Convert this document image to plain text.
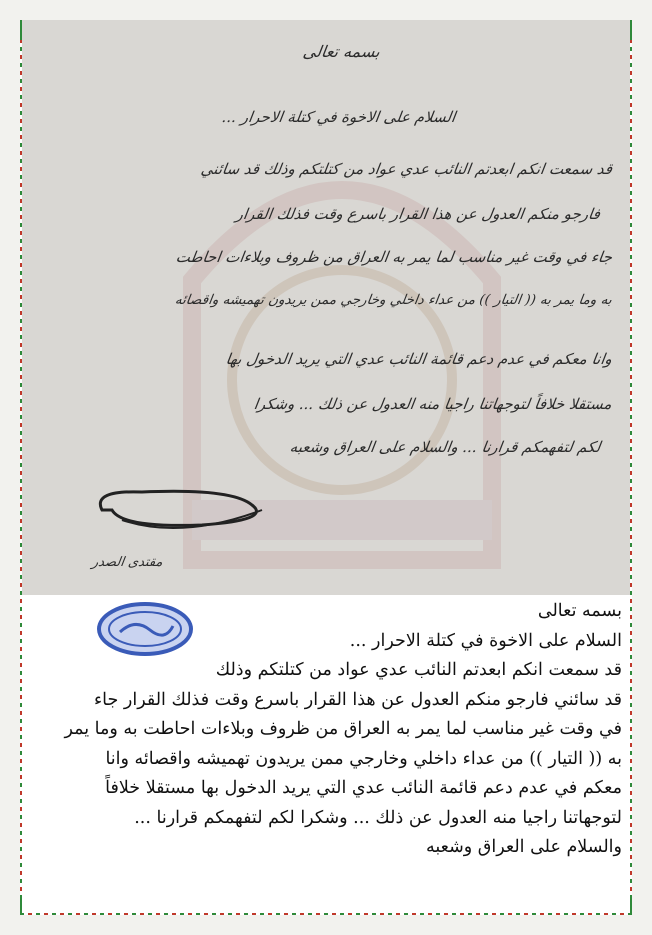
بسمه تعالى
السلام على الاخوة في كتلة الاحرار ...
قد سمعت انكم ابعدتم النائب عدي عواد من كتلتكم وذلك قد سائني
فارجو منكم العدول عن هذا القرار باسرع وقت فذلك القرار
جاء في وقت غير مناسب لما يمر به العراق من ظروف وبلاءات احاطت
به وما يمر به (( التيار )) من عداء داخلي وخارجي ممن يريدون تهميشه واقصائه
وانا معكم في عدم دعم قائمة النائب عدي التي يريد الدخول بها
مستقلا خلافاً لتوجهاتنا راجيا منه العدول عن ذلك ... وشكرا
لكم لتفهمكم قرارنا ... والسلام على العراق وشعبه
مقتدى الصدر
بسمه تعالى
السلام على الاخوة في كتلة الاحرار ...
قد سمعت انكم ابعدتم النائب عدي عواد من كتلتكم وذلك
قد سائني فارجو منكم العدول عن هذا القرار باسرع وقت فذلك القرار جاء
في وقت غير مناسب لما يمر به العراق من ظروف وبلاءات احاطت به وما يمر
به (( التيار )) من عداء داخلي وخارجي ممن يريدون تهميشه واقصائه وانا
معكم في عدم دعم قائمة النائب عدي التي يريد الدخول بها مستقلا خلافاً
لتوجهاتنا راجيا منه العدول عن ذلك ... وشكرا لكم لتفهمكم قرارنا ...
والسلام على العراق وشعبه
